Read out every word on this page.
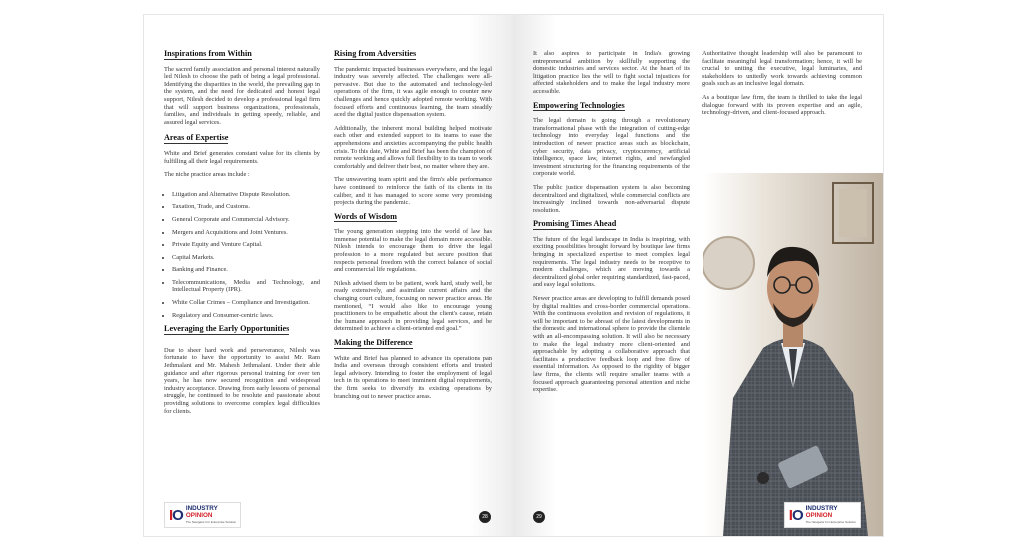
Inspirations from Within

The sacred family association and personal interest naturally led Nilesh to choose the path of being a legal professional. Identifying the disparities in the world, the prevailing gap in the system, and the need for dedicated and honest legal support, Nilesh decided to develop a professional legal firm that will support business organizations, professionals, families, and individuals in getting speedy, reliable, and assured legal services.

Areas of Expertise

White and Brief generates constant value for its clients by fulfilling all their legal requirements.

The niche practice areas include :

• Litigation and Alternative Dispute Resolution.
• Taxation, Trade, and Customs.
• General Corporate and Commercial Advisory.
• Mergers and Acquisitions and Joint Ventures.
• Private Equity and Venture Capital.
• Capital Markets.
• Banking and Finance.
• Telecommunications, Media and Technology, and Intellectual Property (IPR).
• White Collar Crimes – Compliance and Investigation.
• Regulatory and Consumer-centric laws.
Leveraging the Early Opportunities

Due to sheer hard work and perseverance, Nilesh was fortunate to have the opportunity to assist Mr. Ram Jethmalani and Mr. Mahesh Jethmalani. Under their able guidance and after rigorous personal training for over ten years, he has now secured recognition and widespread industry acceptance. Drawing from early lessons of personal struggle, he continued to be resolute and passionate about providing solutions to overcome complex legal difficulties for clients.

Rising from Adversities

The pandemic impacted businesses everywhere, and the legal industry was severely affected. The challenges were all-pervasive. But due to the automated and technology-led operations of the firm, it was agile enough to counter new challenges and hence quickly adopted remote working. With focused efforts and continuous learning, the team steadily aced the digital justice dispensation system.

Additionally, the inherent moral building helped motivate each other and extended support to its teams to ease the apprehensions and anxieties accompanying the public health crisis. To this date, White and Brief has been the champion of remote working and allows full flexibility to its team to work comfortably and deliver their best, no matter where they are.

The unwavering team spirit and the firm's able performance have continued to reinforce the faith of its clients in its caliber, and it has managed to score some very promising projects during the pandemic.

Words of Wisdom

The young generation stepping into the world of law has immense potential to make the legal domain more accessible. Nilesh intends to encourage them to drive the legal profession to a more regulated but secure position that respects personal freedom with the correct balance of social and commercial life regulations.

Nilesh advised them to be patient, work hard, study well, be ready extensively, and assimilate current affairs and the changing court culture, focusing on newer practice areas. He mentioned, “I would also like to encourage young practitioners to be empathetic about the client's cause, retain the humane approach in providing legal services, and be determined to achieve a client-oriented end goal.”

Making the Difference

White and Brief has planned to advance its operations pan India and overseas through consistent efforts and trusted legal advisory. Intending to foster the employment of legal tech in its operations to meet imminent digital requirements, the firm seeks to diversify its existing operations by branching out to newer practice areas.

IO INDUSTRY
OPINION
The Navigator For Enterprise Solution
28

It also aspires to participate in India's growing entrepreneurial ambition by skillfully supporting the domestic industries and services sector. At the heart of its litigation practice lies the will to fight social injustices for affected stakeholders and to make the legal industry more accessible.

Empowering Technologies

The legal domain is going through a revolutionary transformational phase with the integration of cutting-edge technology into everyday legal functions and the introduction of newer practice areas such as blockchain, cyber security, data privacy, cryptocurrency, artificial intelligence, space law, internet rights, and newfangled investment structuring for the financing requirements of the corporate world.

The public justice dispensation system is also becoming decentralized and digitalized, while commercial conflicts are increasingly inclined towards non-adversarial dispute resolution.

Promising Times Ahead

The future of the legal landscape in India is inspiring, with exciting possibilities brought forward by boutique law firms bringing in specialized expertise to meet complex legal requirements. The legal industry needs to be receptive to modern challenges, which are moving towards a decentralized global order requiring standardized, fast-paced, and easy legal solutions.

Newer practice areas are developing to fulfill demands posed by digital realities and cross-border commercial operations. With the continuous evolution and revision of regulations, it will be important to be abreast of the latest developments in the domestic and international sphere to provide the clientele with an all-encompassing solution. It will also be necessary to make the legal industry more client-oriented and approachable by adopting a collaborative approach that facilitates a productive feedback loop and free flow of essential information. As opposed to the rigidity of bigger law firms, the clients will require smaller teams with a focused approach guaranteeing personal attention and niche expertise.

Authoritative thought leadership will also be paramount to facilitate meaningful legal transformation; hence, it will be crucial to uniting the executive, legal luminaries, and stakeholders to unitedly work towards achieving common goals such as an inclusive legal domain.

As a boutique law firm, the team is thrilled to take the legal dialogue forward with its proven expertise and an agile, technology-driven, and client-focused approach.

29	IO INDUSTRY
OPINION
The Navigator For Enterprise Solution
